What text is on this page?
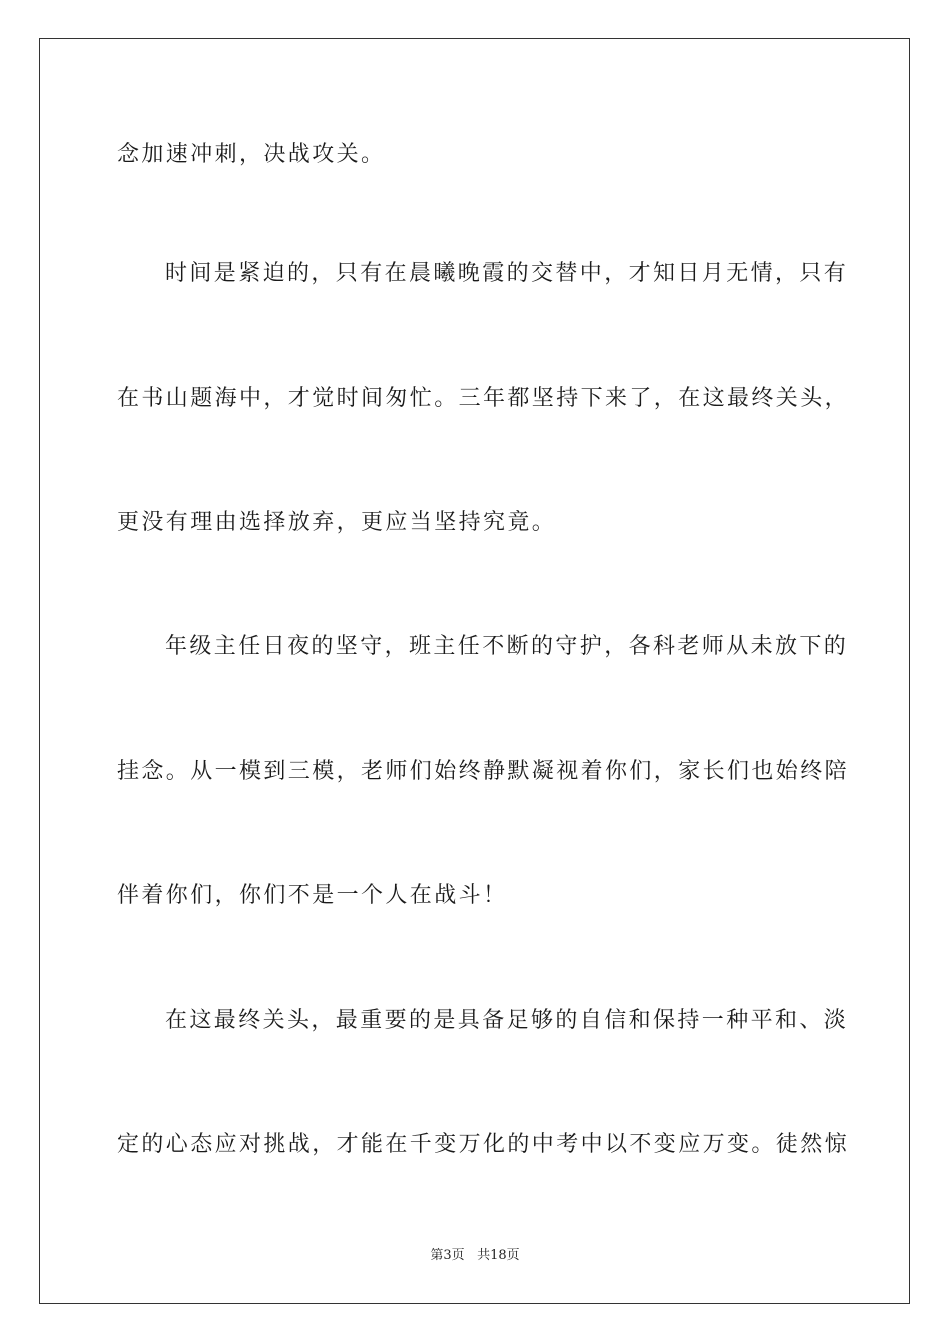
念加速冲刺，决战攻关。
时间是紧迫的，只有在晨曦晚霞的交替中，才知日月无情，只有
在书山题海中，才觉时间匆忙。三年都坚持下来了，在这最终关头，
更没有理由选择放弃，更应当坚持究竟。
年级主任日夜的坚守，班主任不断的守护，各科老师从未放下的
挂念。从一模到三模，老师们始终静默凝视着你们，家长们也始终陪
伴着你们，你们不是一个人在战斗！
在这最终关头，最重要的是具备足够的自信和保持一种平和、淡
定的心态应对挑战，才能在千变万化的中考中以不变应万变。徒然惊
第3页 共18页
